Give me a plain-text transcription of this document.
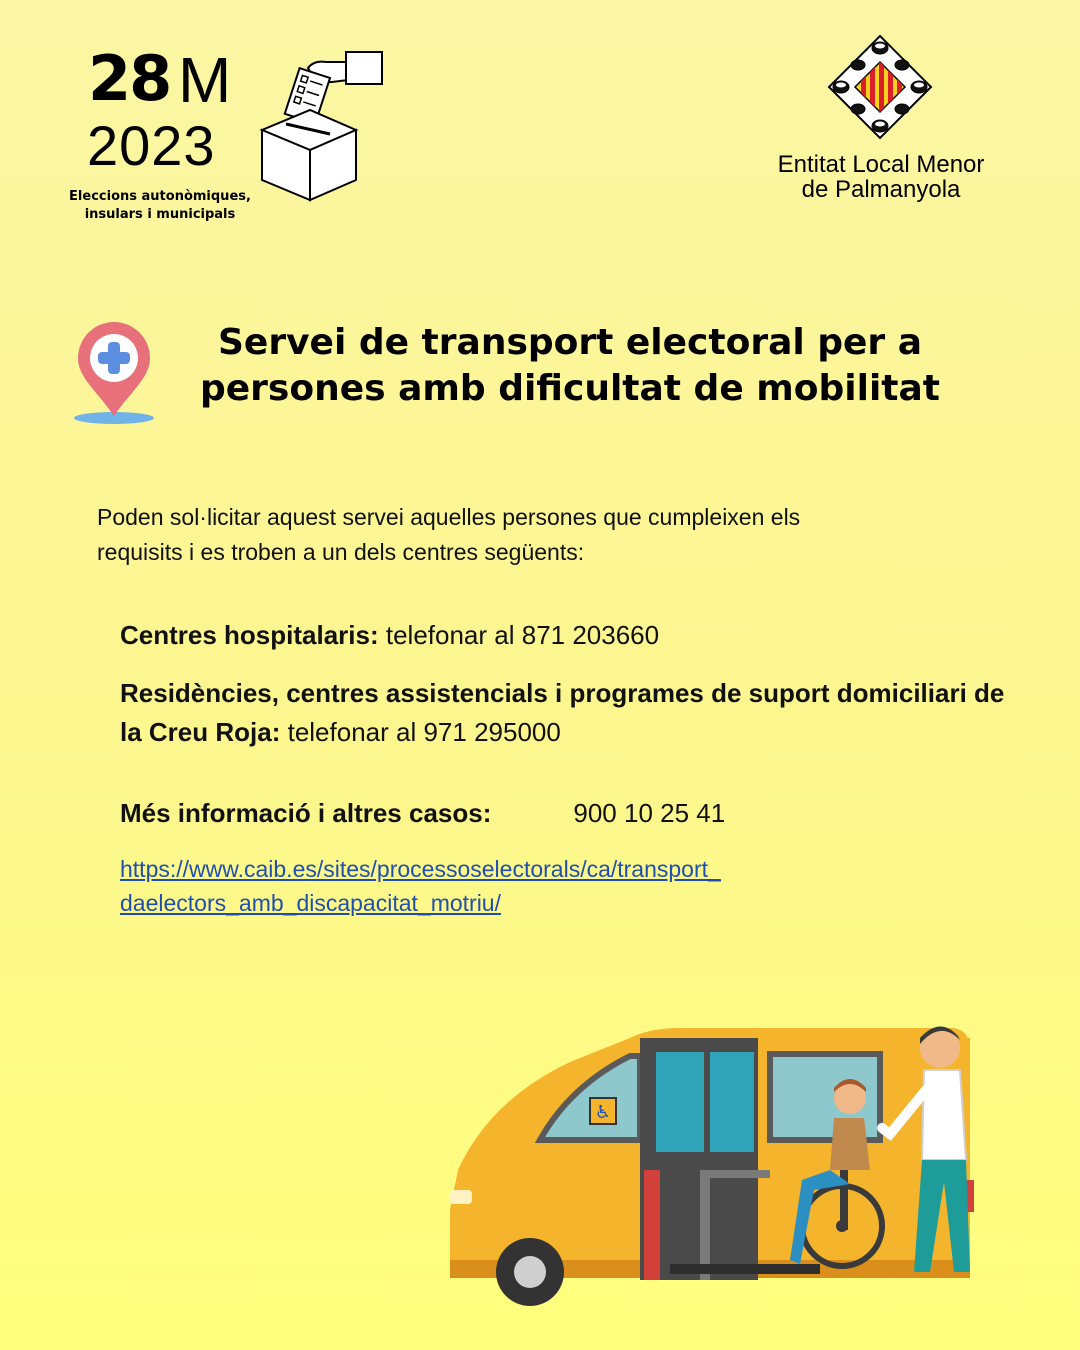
28 M
2023
Eleccions autonòmiques,
insulars i municipals
Entitat Local Menor
de Palmanyola
Servei de transport electoral per a
persones amb dificultat de mobilitat
Poden sol·licitar aquest servei aquelles persones que cumpleixen els
requisits i es troben a un dels centres següents:
Centres hospitalaris: telefonar al 871 203660
Residències, centres assistencials i programes de suport domiciliari de la Creu Roja: telefonar al 971 295000
Més informació i altres casos:	900 10 25 41
https://www.caib.es/sites/processoselectorals/ca/transport_
daelectors_amb_discapacitat_motriu/
♿
